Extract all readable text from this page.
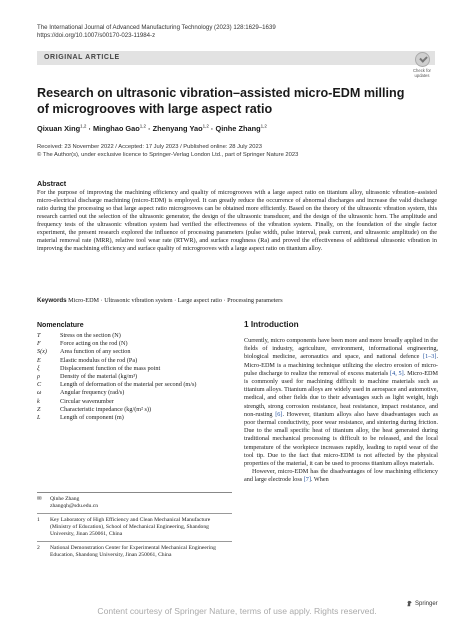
The International Journal of Advanced Manufacturing Technology (2023) 128:1629–1639
https://doi.org/10.1007/s00170-023-11984-z
ORIGINAL ARTICLE
Check for updates
Research on ultrasonic vibration–assisted micro-EDM milling of microgrooves with large aspect ratio
Qixuan Xing$^{1,2}$ · Minghao Gao$^{1,2}$ · Zhenyang Yao$^{1,2}$ · Qinhe Zhang$^{1,2}$
Received: 23 November 2022 / Accepted: 17 July 2023 / Published online: 28 July 2023
© The Author(s), under exclusive licence to Springer-Verlag London Ltd., part of Springer Nature 2023
Abstract
For the purpose of improving the machining efficiency and quality of microgrooves with a large aspect ratio on titanium alloy, ultrasonic vibration–assisted micro-electrical discharge machining (micro-EDM) is employed. It can greatly reduce the occurrence of abnormal discharges and increase the valid discharge ratio during the processing so that large aspect ratio microgrooves can be obtained more efficiently. Based on the theory of the ultrasonic vibration system, this research carried out the selection of the ultrasonic generator, the design of the ultrasonic transducer, and the design of the ultrasonic horn. The amplitude and frequency tests of the ultrasonic vibration system had verified the effectiveness of the vibration system. Finally, on the foundation of the single factor experiment, the present research explored the influence of processing parameters (pulse width, pulse interval, peak current, and ultrasonic amplitude) on the material removal rate (MRR), relative tool wear rate (RTWR), and surface roughness (Ra) and proved the effectiveness of additional ultrasonic vibration in improving the machining efficiency and surface quality of microgrooves with a large aspect ratio on titanium alloy.
Keywords Micro-EDM · Ultrasonic vibration system · Large aspect ratio · Processing parameters
Nomenclature
T	Stress on the section (N)
F	Force acting on the rod (N)
S(x)	Area function of any section
E	Elastic modulus of the rod (Pa)
ξ	Displacement function of the mass point
ρ	Density of the material (kg/m³)
C	Length of deformation of the material per second (m/s)
ω	Angular frequency (rad/s)
k	Circular wavenumber
Z	Characteristic impedance (kg/(m² s))
L	Length of component (m)
1 Introduction

Currently, micro components have been more and more broadly applied in the fields of industry, agriculture, environment, informational engineering, biological medicine, aeronautics and space, and national defence [1–3]. Micro-EDM is a machining technique utilizing the electro erosion of micro-pulse discharge to realize the removal of excess materials [4, 5]. Micro-EDM is commonly used for machining difficult to machine materials such as titanium alloys. Titanium alloys are widely used in aerospace and automotive, medical, and other fields due to their advantages such as light weight, high strength, strong corrosion resistance, heat resistance, impact resistance, and non-rusting [6]. However, titanium alloys also have disadvantages such as poor thermal conductivity, poor wear resistance, and sintering during friction. Due to the small specific heat of titanium alloy, the heat generated during traditional mechanical processing is difficult to be released, and the local temperature of the workpiece increases rapidly, leading to rapid wear of the tool tip. Due to the fact that micro-EDM is not affected by the physical properties of the material, it can be used to process titanium alloys materials.

However, micro-EDM has the disadvantages of low machining efficiency and large electrode loss [7]. When

✉	Qinhe Zhang
zhangqh@sdu.edu.cn
1	Key Laboratory of High Efficiency and Clean Mechanical Manufacture (Ministry of Education), School of Mechanical Engineering, Shandong University, Jinan 250061, China
2	National Demonstration Center for Experimental Mechanical Engineering Education, Shandong University, Jinan 250061, China
Springer
Content courtesy of Springer Nature, terms of use apply. Rights reserved.
